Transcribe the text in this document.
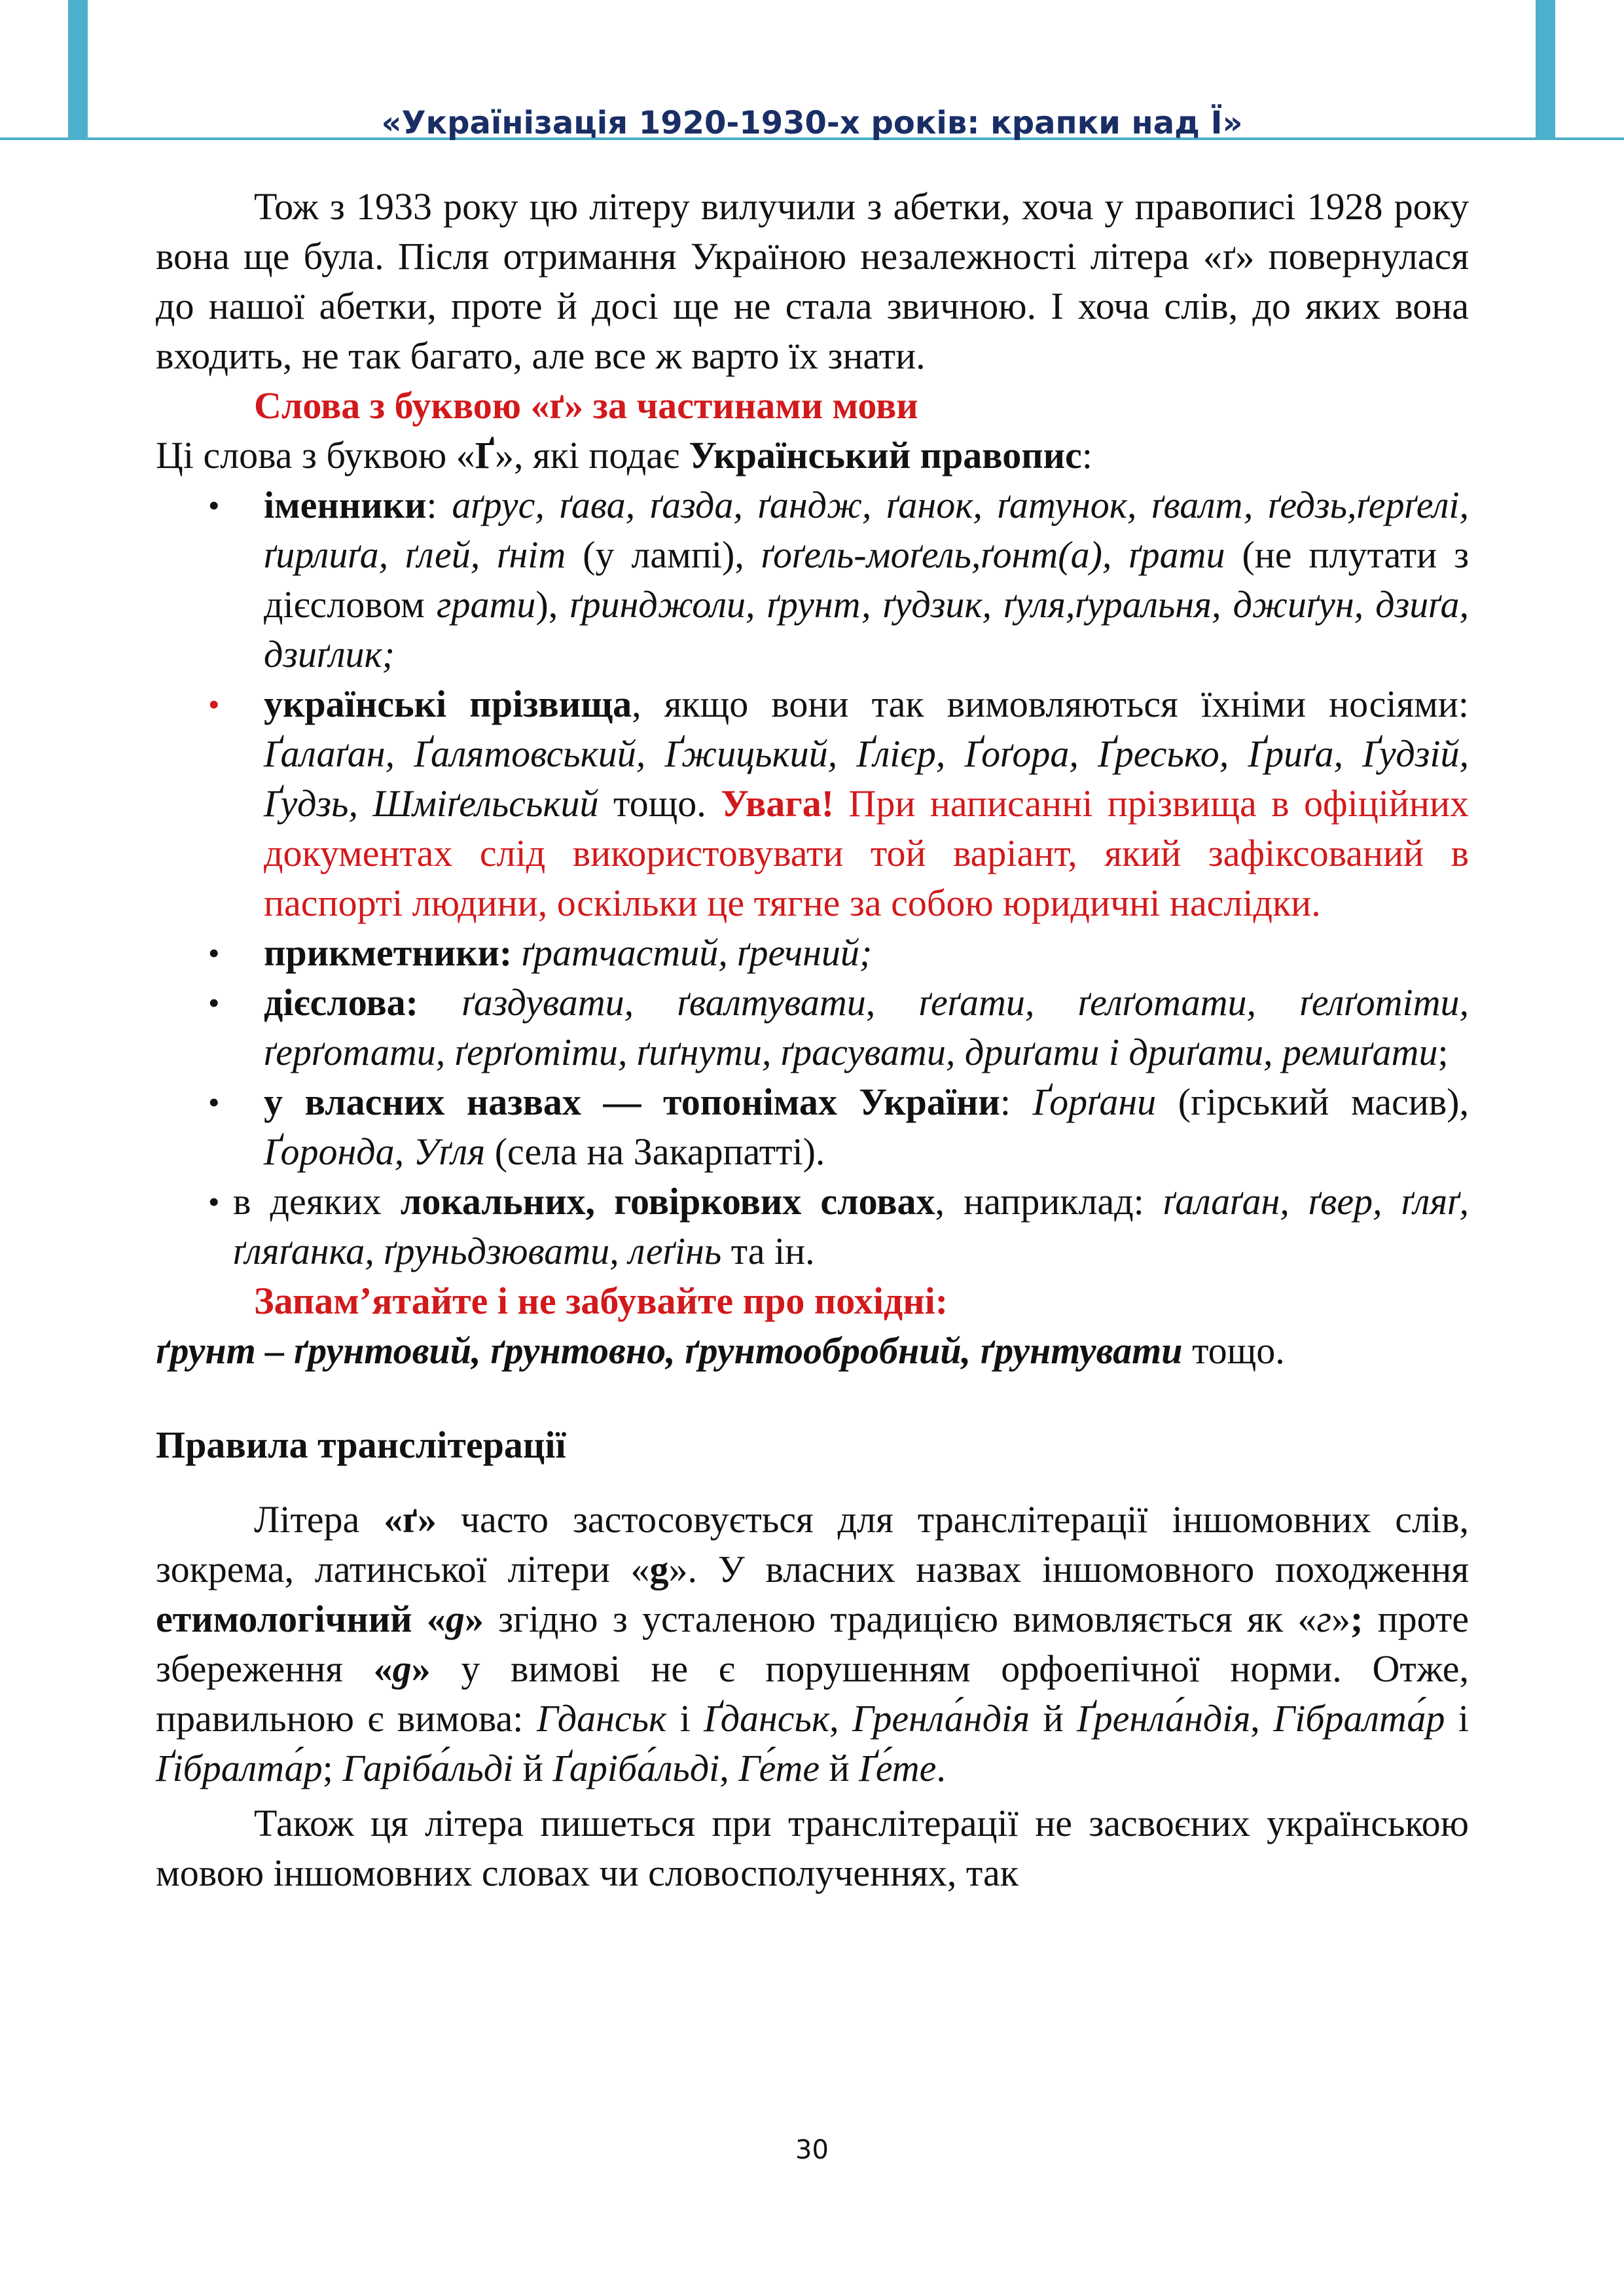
«Українізація 1920-1930-х років: крапки над Ї»

Тож з 1933 року цю літеру вилучили з абетки, хоча у правописі 1928 року вона ще була. Після отримання Україною незалежності літера «ґ» повернулася до нашої абетки, проте й досі ще не стала звичною. І хоча слів, до яких вона входить, не так багато, але все ж варто їх знати.

Слова з буквою «ґ» за частинами мови

Ці слова з буквою «Ґ», які подає Український правопис:

• іменники: аґрус, ґава, ґазда, ґандж, ґанок, ґатунок, ґвалт, ґедзь,ґерґелі, ґирлиґа, ґлей, ґніт (у лампі), ґоґель-моґель,ґонт(а), ґрати (не плутати з дієсловом грати), ґринджоли, ґрунт, ґудзик, ґуля,ґуральня, джиґун, дзиґа, дзиґлик;
• українські прізвища, якщо вони так вимовляються їхніми носіями: Ґалаґан, Ґалятовський, Ґжицький, Ґлієр, Ґоґора, Ґресько, Ґриґа, Ґудзій, Ґудзь, Шміґельський тощо. Увага! При написанні прізвища в офіційних документах слід використовувати той варіант, який зафіксований в паспорті людини, оскільки це тягне за собою юридичні наслідки.
• прикметники: ґратчастий, ґречний;
• дієслова: ґаздувати, ґвалтувати, ґеґати, ґелґотати, ґелґотіти, ґерґотати, ґерґотіти, ґиґнути, ґрасувати, дриґати і дриґати, ремиґати;
• у власних назвах — топонімах України: Ґорґани (гірський масив), Ґоронда, Уґля (села на Закарпатті).
• в деяких локальних, говіркових словах, наприклад: ґалаґан, ґвер, ґляґ, ґляґанка, ґруньдзювати, леґінь та ін.

Запам’ятайте і не забувайте про похідні:

ґрунт – ґрунтовий, ґрунтовно, ґрунтообробний, ґрунтувати тощо.

Правила транслітерації

Літера «ґ» часто застосовується для транслітерації іншомовних слів, зокрема, латинської літери «g». У власних назвах іншомовного походження етимологічний «g» згідно з усталеною традицією вимовляється як «г»; проте збереження «g» у вимові не є порушенням орфоепічної норми. Отже, правильною є вимова: Гданськ і Ґданськ, Гренла́ндія й Ґренла́ндія, Гібралта́р і Ґібралта́р; Гаріба́льді й Ґаріба́льді, Ге́те й Ґе́те.

Також ця літера пишеться при транслітерації не засвоєних українською мовою іншомовних словах чи словосполученнях, так

30
